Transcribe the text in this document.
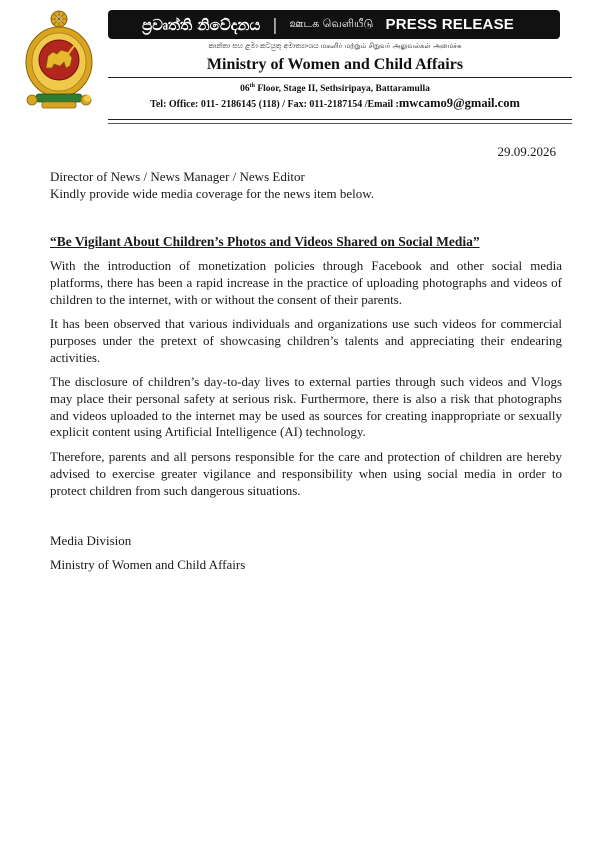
ප්‍රවෘත්ති නිවේදනය | ஊடக வெளியீடு PRESS RELEASE
කාන්තා සහ ළමා කටයුතු අමාත්‍යාංශය மகளிர் மற்றும் சிறுவர் அலுவல்கள் அமைச்சு
Ministry of Women and Child Affairs
06th Floor, Stage II, Sethsiripaya, Battaramulla
Tel: Office: 011- 2186145 (118) / Fax: 011-2187154 /Email :mwcamo9@gmail.com
29.09.2026
Director of News / News Manager / News Editor
Kindly provide wide media coverage for the news item below.
“Be Vigilant About Children’s Photos and Videos Shared on Social Media”

With the introduction of monetization policies through Facebook and other social media platforms, there has been a rapid increase in the practice of uploading photographs and videos of children to the internet, with or without the consent of their parents.

It has been observed that various individuals and organizations use such videos for commercial purposes under the pretext of showcasing children’s talents and appreciating their endearing activities.

The disclosure of children’s day-to-day lives to external parties through such videos and Vlogs may place their personal safety at serious risk. Furthermore, there is also a risk that photographs and videos uploaded to the internet may be used as sources for creating inappropriate or sexually explicit content using Artificial Intelligence (AI) technology.

Therefore, parents and all persons responsible for the care and protection of children are hereby advised to exercise greater vigilance and responsibility when using social media in order to protect children from such dangerous situations.

Media Division
Ministry of Women and Child Affairs
